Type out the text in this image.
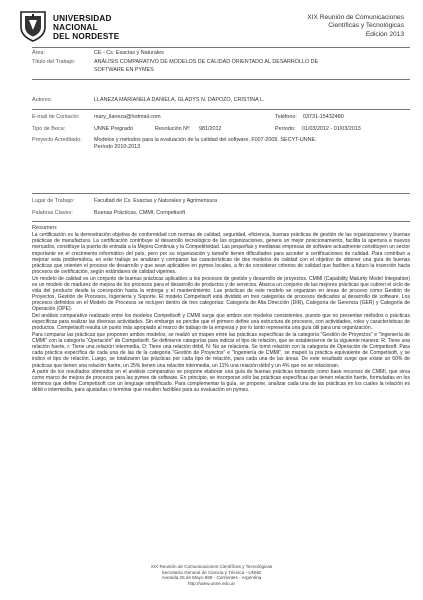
UNIVERSIDAD
NACIONAL
DEL NORDESTE
XIX Reunión de Comunicaciones
Científicas y Tecnológicas
Edición 2013
Área:	CE - Cs. Exactas y Naturales
Título del Trabajo:	ANÁLISIS COMPARATIVO DE MODELOS DE CALIDAD ORIENTADO AL DESARROLLO DE
SOFTWARE EN PYMES
Autores:	LLANEZA MARIANELA DANIELA, GLADYS N. DAPOZO, CRISTINA L.
E-mail de Contacto:	mary_llaneza@hotmail.com	Teléfono: 03731-15432480
Tipo de Beca:	UNNE Pregrado	Resolución Nº: 981/2012	Período: 01/03/2012 - 01/03/2013
Proyecto Acreditado: Modelos y métodos para la evaluación de la calidad del software. F007-2009. SECYT-UNNE.
Período 2010-2013
Lugar de Trabajo:	Facultad de Cs. Exactas y Naturales y Agrimensura
Palabras Claves:	Buenas Prácticas, CMMI, Competisoft
Resumen:

La certificación es la demostración objetiva de conformidad con normas de calidad, seguridad, eficiencia, buenas prácticas de gestión de las organizaciones y buenas prácticas de manufactura. La certificación contribuye al desarrollo tecnológico de las organizaciones, genera un mejor posicionamiento, facilita la apertura a nuevos mercados, constituye la puerta de entrada a la Mejora Continua y la Competitividad. Las pequeñas y medianas empresas de software actualmente constituyen un sector importante en el crecimiento informático del país, pero por su organización y tamaño tienen dificultades para acceder a certificaciones de calidad. Para contribuir a mejorar esta problemática, en este trabajo se analizan y comparan las características de dos modelos de calidad con el objetivo de obtener una guía de buenas prácticas que orienten el proceso de desarrollo y que sean aplicables en pymes locales, a fin de considerar criterios de calidad que faciliten a futuro la inserción hacia procesos de certificación, según estándares de calidad vigentes.

Un modelo de calidad es un conjunto de buenas prácticas aplicables a los procesos de gestión y desarrollo de proyectos. CMMI (Capability Maturity Model Integration) es un modelo de madurez de mejora de los procesos para el desarrollo de productos y de servicios. Abarca un conjunto de las mejores prácticas que cubren el ciclo de vida del producto desde la concepción hasta la entrega y el mantenimiento. Las prácticas de este modelo se organizan en áreas de proceso como Gestión de Proyectos, Gestión de Procesos, Ingeniería y Soporte. El modelo Competisoft está dividido en tres categorías de procesos dedicados al desarrollo de software. Los procesos definidos en el Modelo de Procesos se incluyen dentro de tres categorías: Categoría de Alta Dirección (DIR), Categoría de Gerencia (GER) y Categoría de Operación (OPE).

Del análisis comparativo realizado entre los modelos Competisoft y CMMI surge que ambos son modelos consistentes, puesto que no presentan métodos o prácticas específicas para realizar las diversas actividades. Sin embargo se percibe que el primero define una estructura de procesos, con actividades, roles y características de productos. Competisoft resulta un punto más apropiado al marco de trabajo de la empresa y por lo tanto representa una guía útil para una organización.

Para comparar las prácticas que proponen ambos modelos, se realizó un mapeo entre las prácticas específicas de la categoría "Gestión de Proyectos" e "Ingeniería de CMMI" con la categoría "Operación" de Competisoft. Se definieron categorías para indicar el tipo de relación, que se establecieron de la siguiente manera: R: Tiene una relación fuerte, r: Tiene una relación intermedia, D: Tiene una relación débil, N: No se relaciona. Se tomó relación con la categoría de Operación de Competisoft. Para cada práctica específica de cada una de las de la categoría "Gestión de Proyectos" e "Ingeniería de CMMI", se mapeó la práctica equivalente de Competisoft, y se indicó el tipo de relación. Luego, se totalizaron las prácticas por cada tipo de relación, para cada una de las áreas. De este resultado surge que existe un 60% de prácticas que tienen una relación fuerte, un 25% tienen una relación intermedia, un 11% una relación débil y un 4% que no se relacionan.

A partir de los resultados obtenidos en el análisis comparativo se propone elaborar una guía de buenas prácticas tomando como base recursos de CMMI, que sirva como marco de mejora de procesos para las pymes de software. En principio, se incorporan sólo las prácticas específicas que tienen relación fuerte, formuladas en los términos que define Competisoft con un lenguaje simplificado. Para complementar la guía, se propone, analizar cada una de las prácticas en los cuales la relación es débil o intermedia, para ajustarlas o terminar que resulten factibles para su evaluación en pymes.

XIX Reunión de Comunicaciones Científicas y Tecnológicas
Secretaría General de Ciencia y Técnica - UNNE
Avenida 25 de Mayo 868 - Corrientes - Argentina
http://www.unne.edu.ar
